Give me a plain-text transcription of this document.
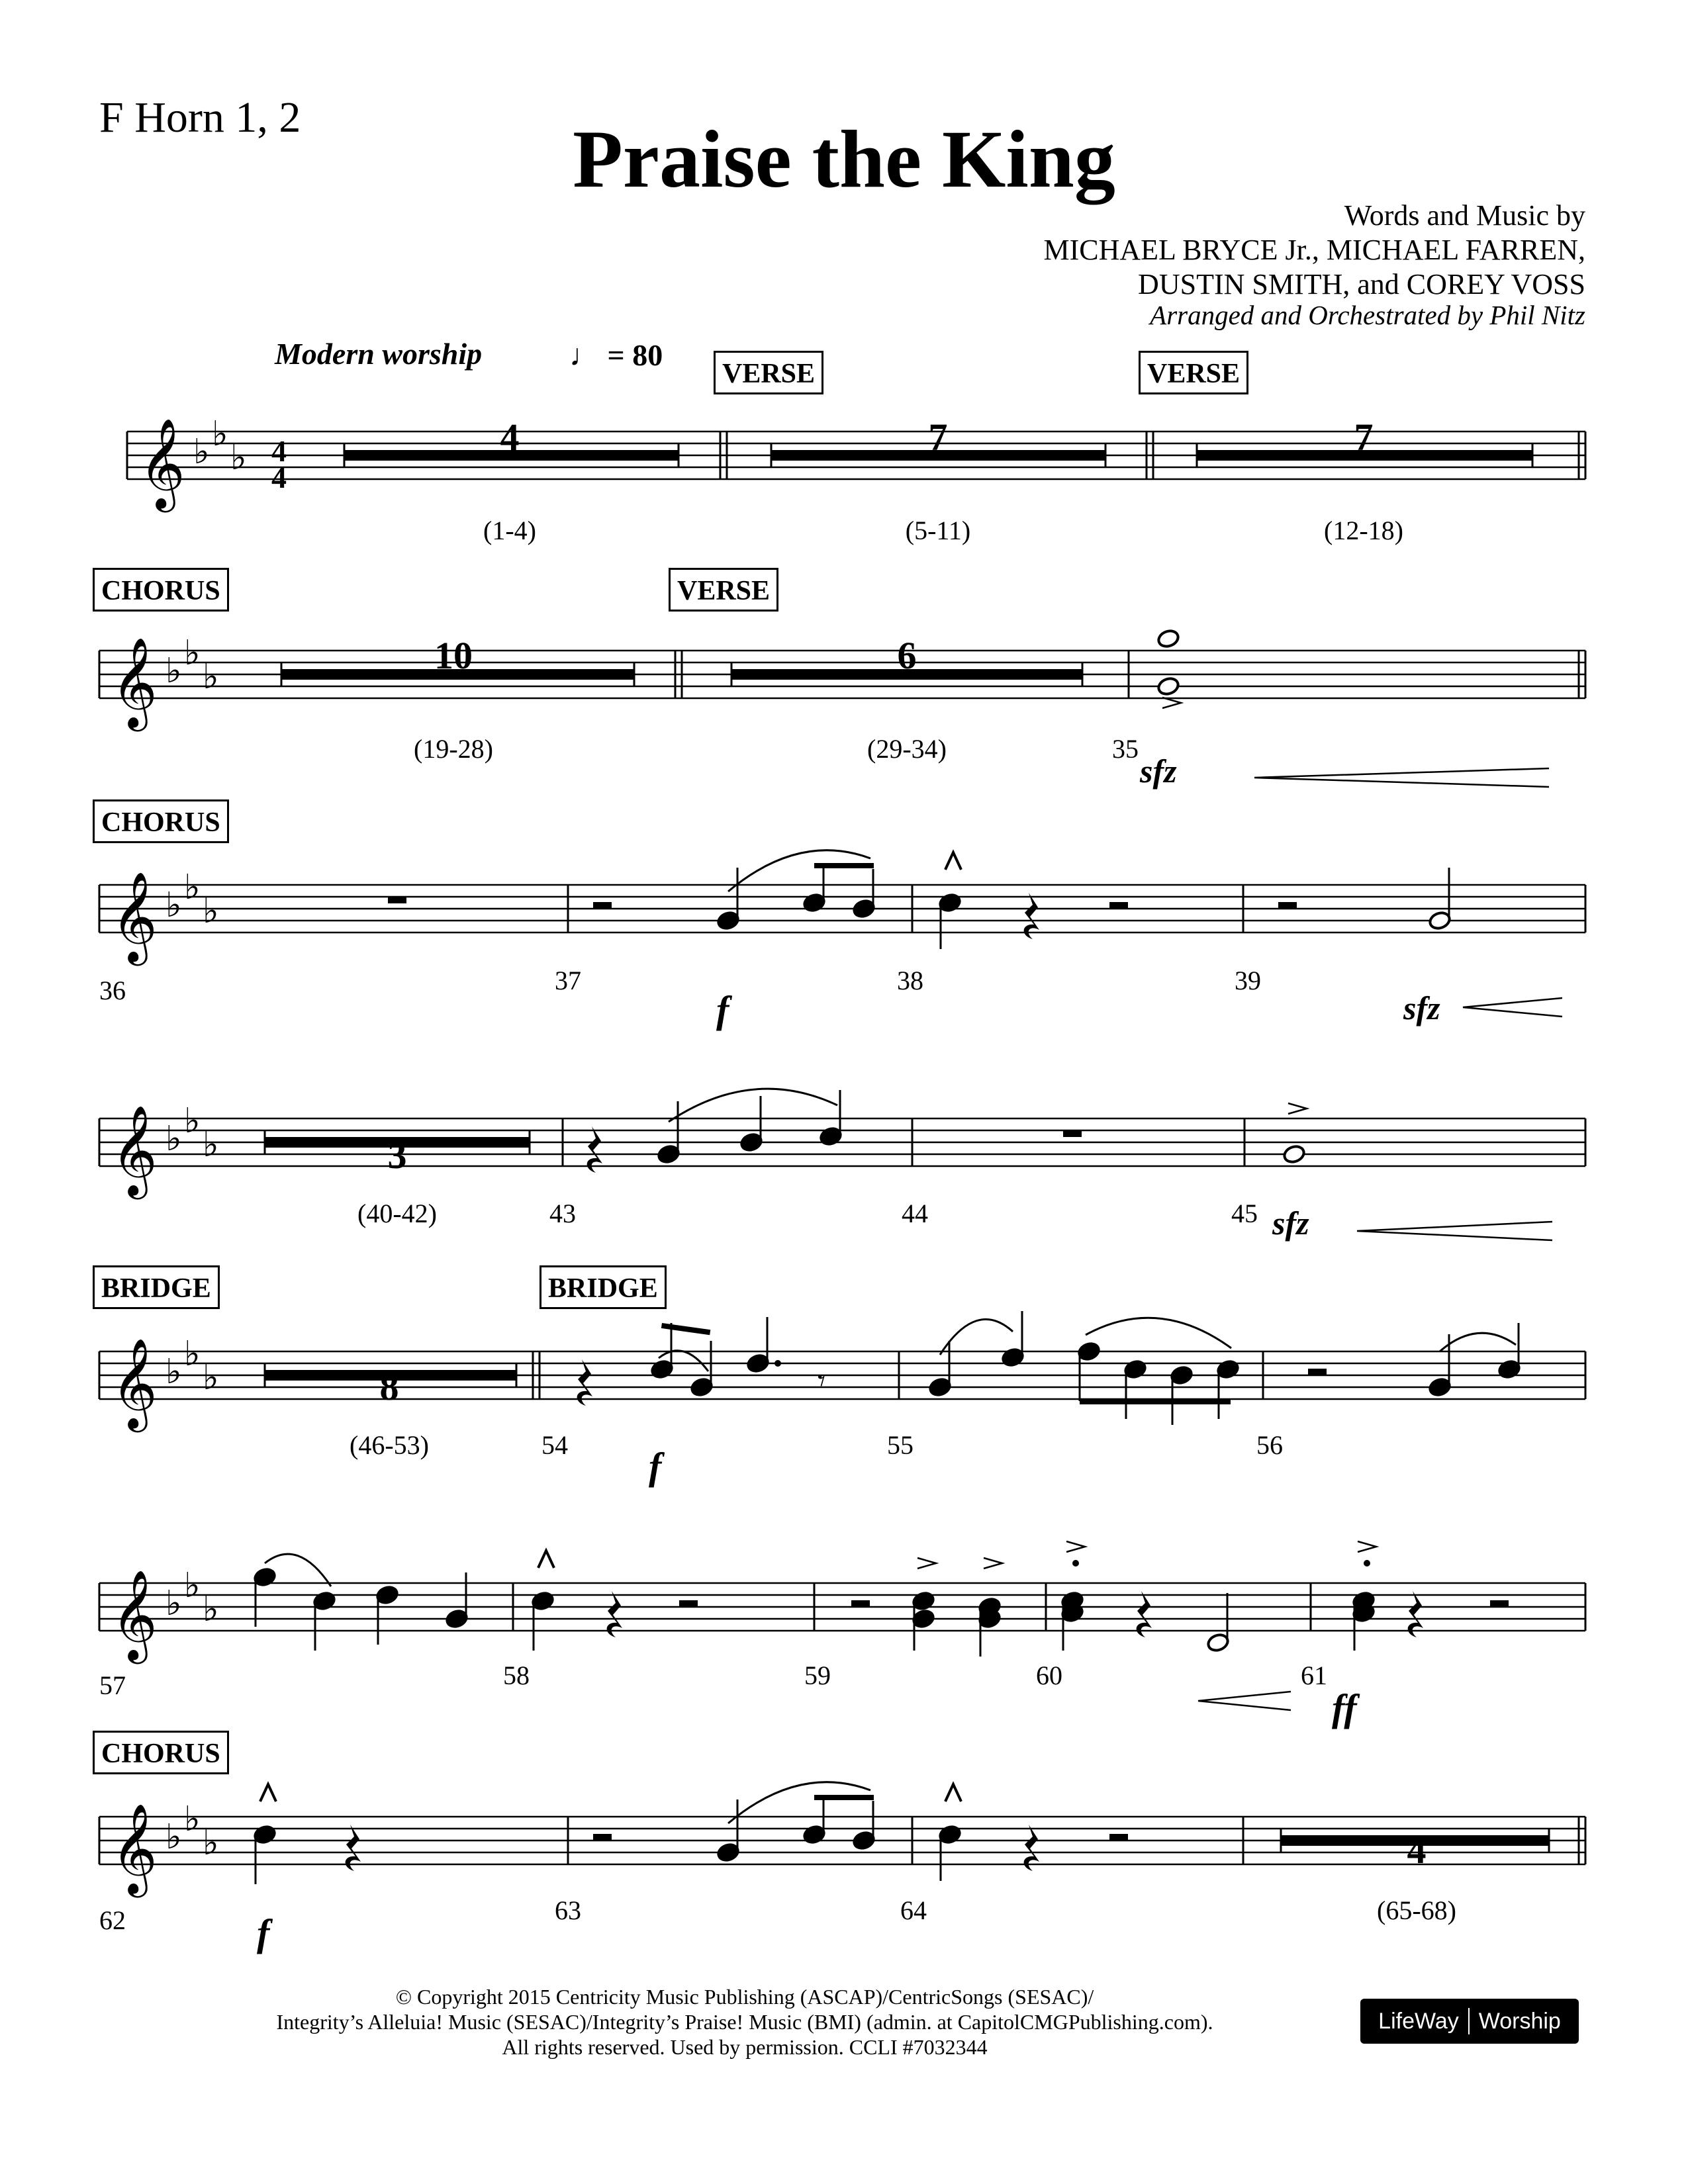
F Horn 1, 2	Praise the King
Words and Music by
MICHAEL BRYCE Jr., MICHAEL FARREN,
DUSTIN SMITH, and COREY VOSS
Arranged and Orchestrated by Phil Nitz
Modern worship	♩ = 80
VERSE	VERSE
CHORUS	VERSE
CHORUS
BRIDGE	BRIDGE
CHORUS
𝄞 ♭ ♭
♭
𝄞 ♭ ♭
♭
𝄞 ♭ ♭
♭
𝄞 ♭ ♭
♭
𝄞 ♭ ♭
♭
𝄞 ♭ ♭
♭
𝄞 ♭ ♭
♭
𝄾
4
4
4
(1-4)
7
(5-11)
7
(12-18)
10
(19-28)
6
(29-34)
3
(40-42)
8
(46-53)
4
(65-68)
35
36	37	38	39
43	44	45
54	55	56
57	58	59	60	61
62	63	64
sfz
f	sfz
sfz
f
ff
f
© Copyright 2015 Centricity Music Publishing (ASCAP)/CentricSongs (SESAC)/
Integrity’s Alleluia! Music (SESAC)/Integrity’s Praise! Music (BMI) (admin. at CapitolCMGPublishing.com).
All rights reserved. Used by permission. CCLI #7032344
LifeWay Worship
